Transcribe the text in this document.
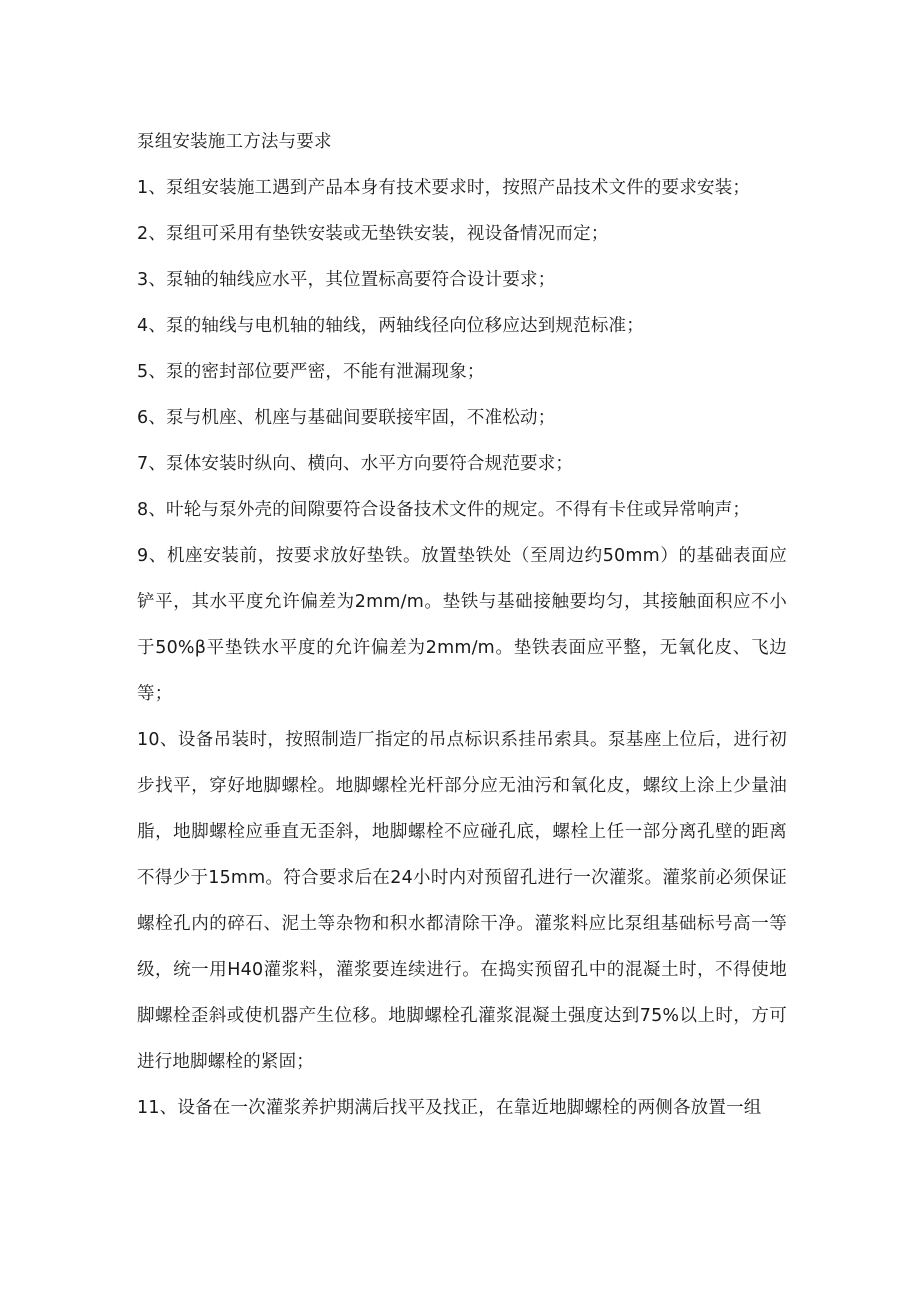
泵组安装施工方法与要求

1、泵组安装施工遇到产品本身有技术要求时，按照产品技术文件的要求安装；

2、泵组可采用有垫铁安装或无垫铁安装，视设备情况而定；

3、泵轴的轴线应水平，其位置标高要符合设计要求；

4、泵的轴线与电机轴的轴线，两轴线径向位移应达到规范标准；

5、泵的密封部位要严密，不能有泄漏现象；

6、泵与机座、机座与基础间要联接牢固，不准松动；

7、泵体安装时纵向、横向、水平方向要符合规范要求；

8、叶轮与泵外壳的间隙要符合设备技术文件的规定。不得有卡住或异常响声；

9、机座安装前，按要求放好垫铁。放置垫铁处（至周边约50mm）的基础表面应铲平，其水平度允许偏差为2mm∕m。垫铁与基础接触要均匀，其接触面积应不小于50%β平垫铁水平度的允许偏差为2mm∕m。垫铁表面应平整，无氧化皮、飞边等；

10、设备吊装时，按照制造厂指定的吊点标识系挂吊索具。泵基座上位后，进行初步找平，穿好地脚螺栓。地脚螺栓光杆部分应无油污和氧化皮，螺纹上涂上少量油脂，地脚螺栓应垂直无歪斜，地脚螺栓不应碰孔底，螺栓上任一部分离孔壁的距离不得少于15mm。符合要求后在24小时内对预留孔进行一次灌浆。灌浆前必须保证螺栓孔内的碎石、泥土等杂物和积水都清除干净。灌浆料应比泵组基础标号高一等级，统一用H40灌浆料，灌浆要连续进行。在捣实预留孔中的混凝土时，不得使地脚螺栓歪斜或使机器产生位移。地脚螺栓孔灌浆混凝土强度达到75%以上时，方可进行地脚螺栓的紧固；

11、设备在一次灌浆养护期满后找平及找正，在靠近地脚螺栓的两侧各放置一组
